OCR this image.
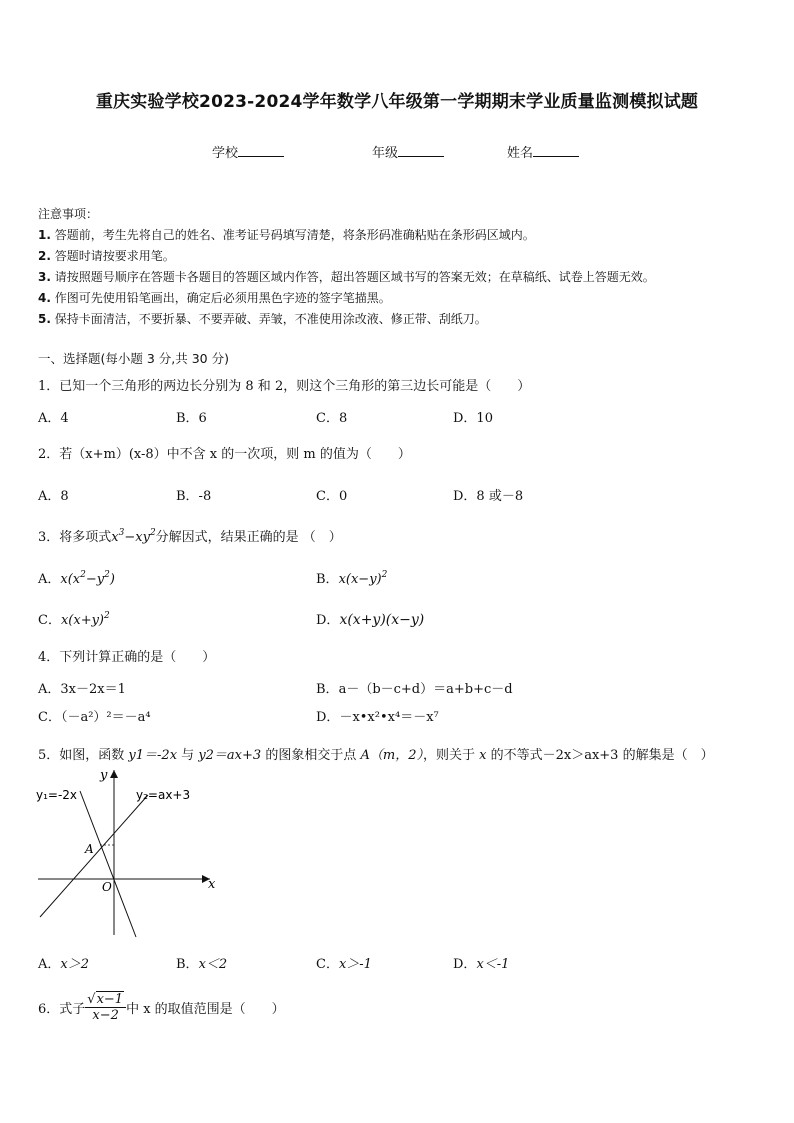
重庆实验学校2023-2024学年数学八年级第一学期期末学业质量监测模拟试题
学校	年级	姓名
注意事项：
1. 答题前，考生先将自己的姓名、准考证号码填写清楚，将条形码准确粘贴在条形码区域内。
2. 答题时请按要求用笔。
3. 请按照题号顺序在答题卡各题目的答题区域内作答，超出答题区域书写的答案无效；在草稿纸、试卷上答题无效。
4. 作图可先使用铅笔画出，确定后必须用黑色字迹的签字笔描黑。
5. 保持卡面清洁，不要折暴、不要弄破、弄皱，不准使用涂改液、修正带、刮纸刀。
一、选择题(每小题 3 分,共 30 分)
1．已知一个三角形的两边长分别为 8 和 2，则这个三角形的第三边长可能是（　　）
A．4	B．6	C．8	D．10
2．若（x+m）(x-8）中不含 x 的一次项，则 m 的值为（　　）
A．8	B．-8	C．0	D．8 或－8
3．将多项式$x^3-xy^2$分解因式，结果正确的是 （　）
A．$x(x^2-y^2)$	B．$x(x-y)^2$
C．$x(x+y)^2$	D．x(x+y)(x−y)
4．下列计算正确的是（　　）
A．3x－2x＝1	B．a－（b－c+d）＝a+b+c－d
C．（－a²）²＝－a⁴	D．－x•x²•x⁴＝－x⁷
5．如图，函数 y1＝-2x 与 y2＝ax+3 的图象相交于点 A（m，2），则关于 x 的不等式－2x＞ax+3 的解集是（　）
y₁=-2x	y₂=ax+3
x
y
O
A
A．x＞2	B．x＜2	C．x＞-1	D．x＜-1
6．式子 $\frac{√x-1}{x-2}$ 中 x 的取值范围是（　　）
